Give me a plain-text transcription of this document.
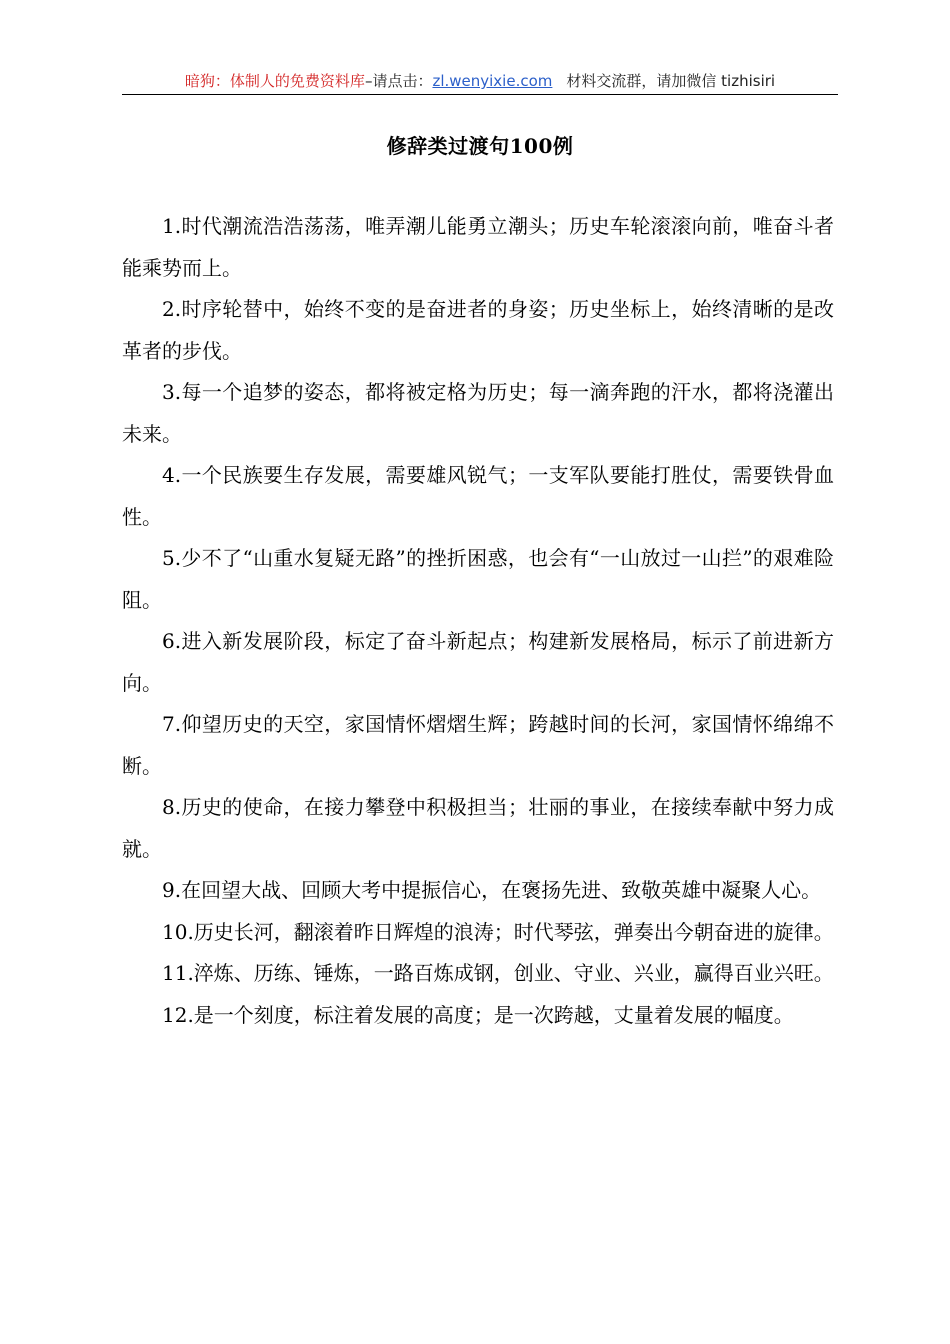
暗狗：体制人的免费资料库–请点击：zl.wenyixie.com 材料交流群，请加微信 tizhisiri
修辞类过渡句100例

1.时代潮流浩浩荡荡，唯弄潮儿能勇立潮头；历史车轮滚滚向前，唯奋斗者能乘势而上。

2.时序轮替中，始终不变的是奋进者的身姿；历史坐标上，始终清晰的是改革者的步伐。

3.每一个追梦的姿态，都将被定格为历史；每一滴奔跑的汗水，都将浇灌出未来。

4.一个民族要生存发展，需要雄风锐气；一支军队要能打胜仗，需要铁骨血性。

5.少不了“山重水复疑无路”的挫折困惑，也会有“一山放过一山拦”的艰难险阻。

6.进入新发展阶段，标定了奋斗新起点；构建新发展格局，标示了前进新方向。

7.仰望历史的天空，家国情怀熠熠生辉；跨越时间的长河，家国情怀绵绵不断。

8.历史的使命，在接力攀登中积极担当；壮丽的事业，在接续奉献中努力成就。

9.在回望大战、回顾大考中提振信心，在褒扬先进、致敬英雄中凝聚人心。

10.历史长河，翻滚着昨日辉煌的浪涛；时代琴弦，弹奏出今朝奋进的旋律。

11.淬炼、历练、锤炼，一路百炼成钢，创业、守业、兴业，赢得百业兴旺。

12.是一个刻度，标注着发展的高度；是一次跨越，丈量着发展的幅度。
